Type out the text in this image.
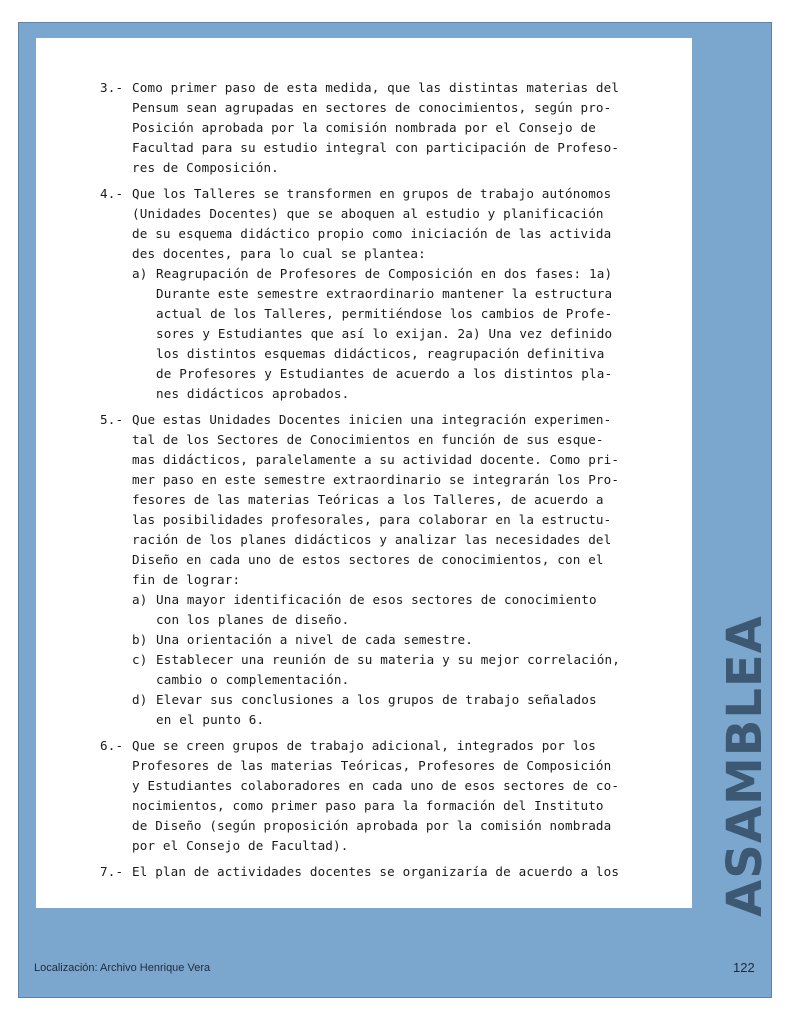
3.- Como primer paso de esta medida, que las distintas materias del
Pensum sean agrupadas en sectores de conocimientos, según pro-
Posición aprobada por la comisión nombrada por el Consejo de
Facultad para su estudio integral con participación de Profeso-
res de Composición.
4.- Que los Talleres se transformen en grupos de trabajo autónomos
(Unidades Docentes) que se aboquen al estudio y planificación
de su esquema didáctico propio como iniciación de las activida
des docentes, para lo cual se plantea:
a) Reagrupación de Profesores de Composición en dos fases: 1a)
Durante este semestre extraordinario mantener la estructura
actual de los Talleres, permitiéndose los cambios de Profe-
sores y Estudiantes que así lo exijan. 2a) Una vez definido
los distintos esquemas didácticos, reagrupación definitiva
de Profesores y Estudiantes de acuerdo a los distintos pla-
nes didácticos aprobados.
5.- Que estas Unidades Docentes inicien una integración experimen-
tal de los Sectores de Conocimientos en función de sus esque-
mas didácticos, paralelamente a su actividad docente. Como pri-
mer paso en este semestre extraordinario se integrarán los Pro-
fesores de las materias Teóricas a los Talleres, de acuerdo a
las posibilidades profesorales, para colaborar en la estructu-
ración de los planes didácticos y analizar las necesidades del
Diseño en cada uno de estos sectores de conocimientos, con el
fin de lograr:
a) Una mayor identificación de esos sectores de conocimiento
con los planes de diseño.
b) Una orientación a nivel de cada semestre.
c) Establecer una reunión de su materia y su mejor correlación,
cambio o complementación.
d) Elevar sus conclusiones a los grupos de trabajo señalados
en el punto 6.
6.- Que se creen grupos de trabajo adicional, integrados por los
Profesores de las materias Teóricas, Profesores de Composición
y Estudiantes colaboradores en cada uno de esos sectores de co-
nocimientos, como primer paso para la formación del Instituto
de Diseño (según proposición aprobada por la comisión nombrada
por el Consejo de Facultad).
7.- El plan de actividades docentes se organizaría de acuerdo a los	ASAMBLEA
Localización: Archivo Henrique Vera	122
